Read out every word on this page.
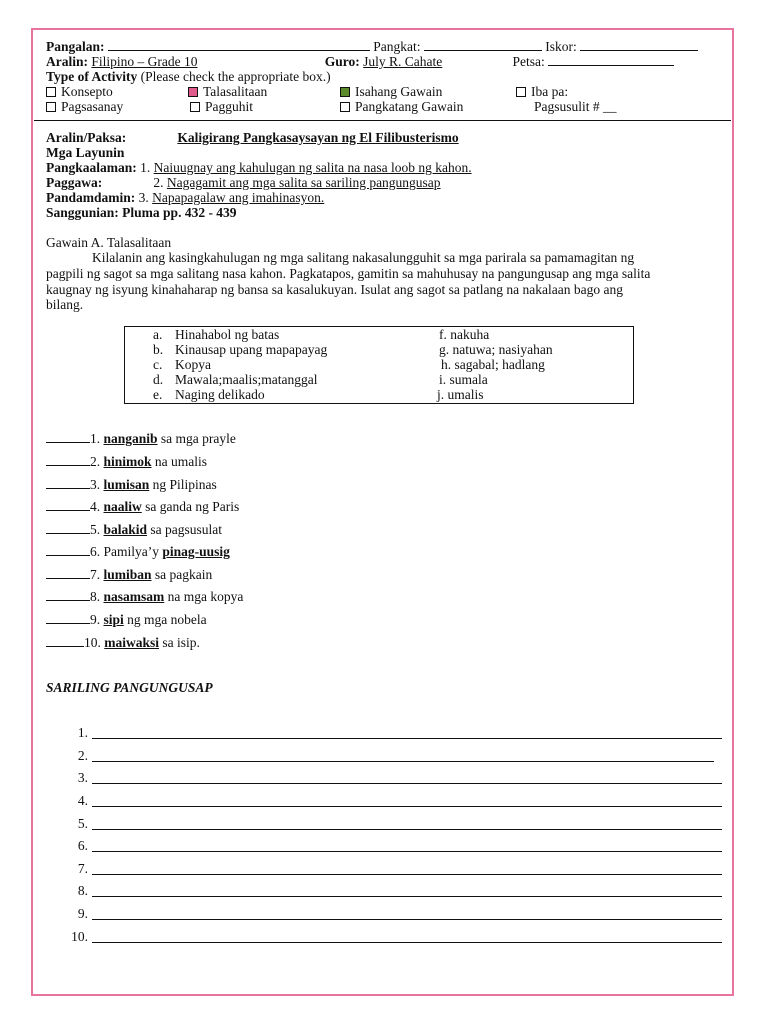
Pangalan:	Pangkat:	Iskor:
Aralin: Filipino – Grade 10	Guro: July R. Cahate	Petsa:
Type of Activity (Please check the appropriate box.)
Konsepto	Talasalitaan	Isahang Gawain	Iba pa:
Pagsasanay	Pagguhit	Pangkatang Gawain	Pagsusulit # __
Aralin/Paksa:	Kaligirang Pangkasaysayan ng El Filibusterismo
Mga Layunin
Pangkaalaman: 1. Naiuugnay ang kahulugan ng salita na nasa loob ng kahon.
Paggawa:	2. Nagagamit ang mga salita sa sariling pangungusap
Pandamdamin: 3. Napapagalaw ang imahinasyon.
Sanggunian: Pluma pp. 432 - 439
Gawain A. Talasalitaan
Kilalanin ang kasingkahulugan ng mga salitang nakasalungguhit sa mga parirala sa pamamagitan ng
pagpili ng sagot sa mga salitang nasa kahon. Pagkatapos, gamitin sa mahuhusay na pangungusap ang mga salita
kaugnay ng isyung kinahaharap ng bansa sa kasalukuyan. Isulat ang sagot sa patlang na nakalaan bago ang
bilang.
a. Hinahabol ng batas
b. Kinausap upang mapapayag
c. Kopya
d. Mawala;maalis;matanggal
e. Naging delikado
f. nakuha
g. natuwa; nasiyahan
h. sagabal; hadlang
i. sumala
j. umalis
1. nanganib sa mga prayle
2. hinimok na umalis
3. lumisan ng Pilipinas
4. naaliw sa ganda ng Paris
5. balakid sa pagsusulat
6. Pamilya’y pinag-uusig
7. lumiban sa pagkain
8. nasamsam na mga kopya
9. sipi ng mga nobela
10. maiwaksi sa isip.
SARILING PANGUNGUSAP
1.
2.
3.
4.
5.
6.
7.
8.
9.
10.
